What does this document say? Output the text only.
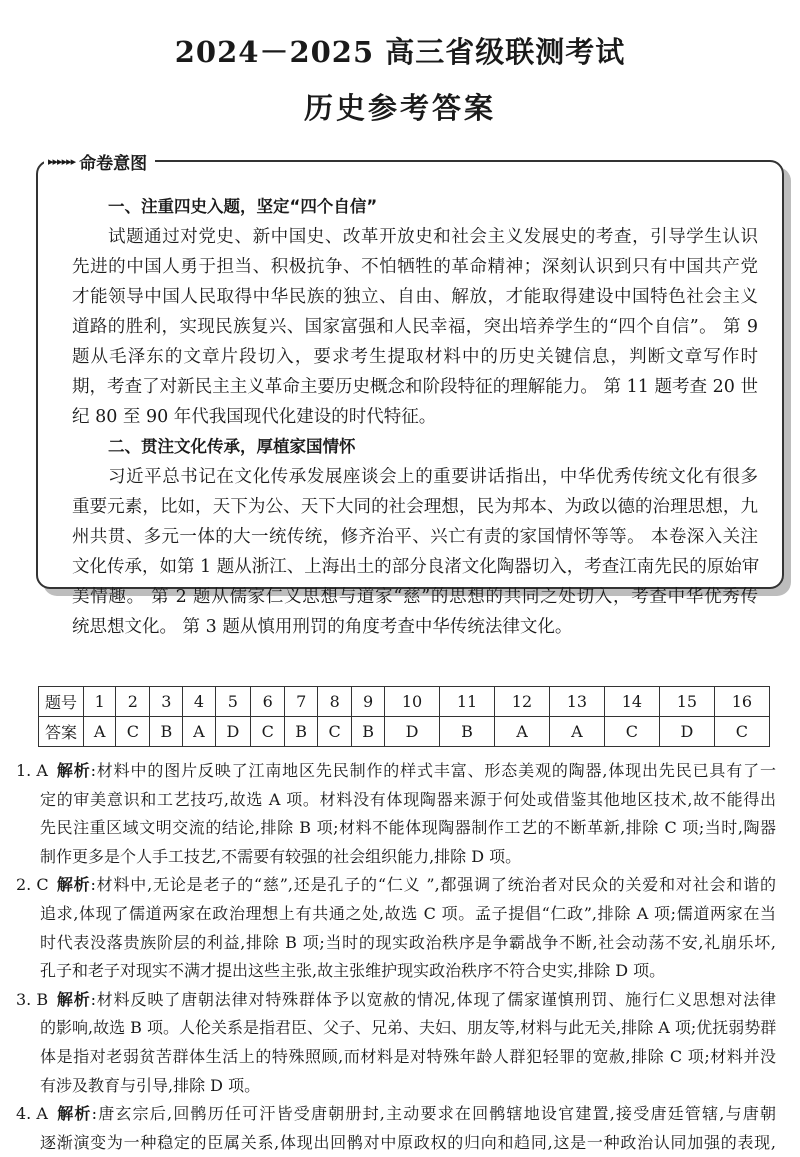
2024－2025 高三省级联测考试
历史参考答案
▸▸▸▸▸▸ 命卷意图
一、注重四史入题，坚定“四个自信”
试题通过对党史、新中国史、改革开放史和社会主义发展史的考查，引导学生认识
先进的中国人勇于担当、积极抗争、不怕牺牲的革命精神；深刻认识到只有中国共产党
才能领导中国人民取得中华民族的独立、自由、解放，才能取得建设中国特色社会主义
道路的胜利，实现民族复兴、国家富强和人民幸福，突出培养学生的“四个自信”。 第 9
题从毛泽东的文章片段切入，要求考生提取材料中的历史关键信息，判断文章写作时
期，考查了对新民主主义革命主要历史概念和阶段特征的理解能力。 第 11 题考查 20 世
纪 80 至 90 年代我国现代化建设的时代特征。
二、贯注文化传承，厚植家国情怀
习近平总书记在文化传承发展座谈会上的重要讲话指出，中华优秀传统文化有很多
重要元素，比如，天下为公、天下大同的社会理想，民为邦本、为政以德的治理思想，九
州共贯、多元一体的大一统传统，修齐治平、兴亡有责的家国情怀等等。 本卷深入关注
文化传承，如第 1 题从浙江、上海出土的部分良渚文化陶器切入，考查江南先民的原始审
美情趣。 第 2 题从儒家仁义思想与道家“慈”的思想的共同之处切入，考查中华优秀传
统思想文化。 第 3 题从慎用刑罚的角度考查中华传统法律文化。
题号	1	2	3	4	5	6	7	8	9	10	11	12	13	14	15	16
答案	A	C	B	A	D	C	B	C	B	D	B	A	A	C	D	C
1. A 解析:材料中的图片反映了江南地区先民制作的样式丰富、形态美观的陶器,体现出先民已具有了一
定的审美意识和工艺技巧,故选 A 项。材料没有体现陶器来源于何处或借鉴其他地区技术,故不能得出
先民注重区域文明交流的结论,排除 B 项;材料不能体现陶器制作工艺的不断革新,排除 C 项;当时,陶器
制作更多是个人手工技艺,不需要有较强的社会组织能力,排除 D 项。
2. C 解析:材料中,无论是老子的“慈”,还是孔子的“仁义 ”,都强调了统治者对民众的关爱和对社会和谐的
追求,体现了儒道两家在政治理想上有共通之处,故选 C 项。孟子提倡“仁政”,排除 A 项;儒道两家在当
时代表没落贵族阶层的利益,排除 B 项;当时的现实政治秩序是争霸战争不断,社会动荡不安,礼崩乐坏,
孔子和老子对现实不满才提出这些主张,故主张维护现实政治秩序不符合史实,排除 D 项。
3. B 解析:材料反映了唐朝法律对特殊群体予以宽赦的情况,体现了儒家谨慎刑罚、施行仁义思想对法律
的影响,故选 B 项。人伦关系是指君臣、父子、兄弟、夫妇、朋友等,材料与此无关,排除 A 项;优抚弱势群
体是指对老弱贫苦群体生活上的特殊照顾,而材料是对特殊年龄人群犯轻罪的宽赦,排除 C 项;材料并没
有涉及教育与引导,排除 D 项。
4. A 解析:唐玄宗后,回鹘历任可汗皆受唐朝册封,主动要求在回鹘辖地设官建置,接受唐廷管辖,与唐朝
逐渐演变为一种稳定的臣属关系,体现出回鹘对中原政权的归向和趋同,这是一种政治认同加强的表现,
